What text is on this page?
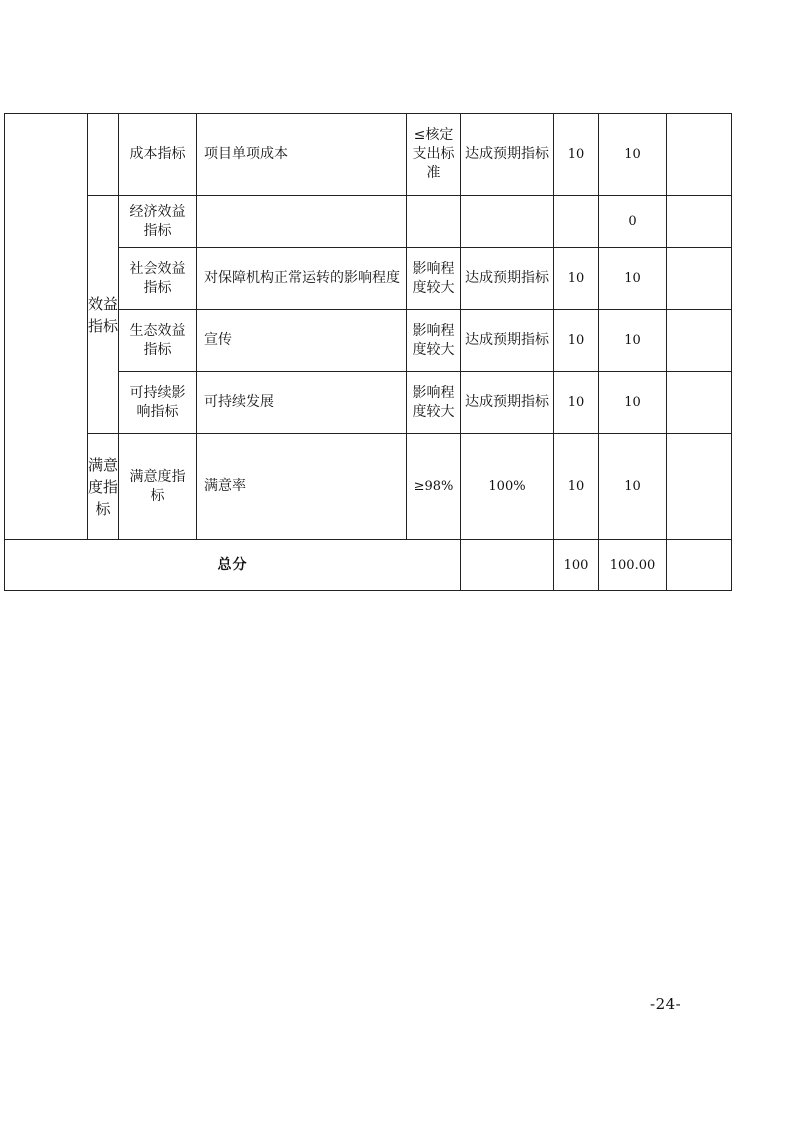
		成本指标	项目单项成本	≤核定支出标准	达成预期指标	10	10	
	效益指标	经济效益指标					0	
		社会效益指标	对保障机构正常运转的影响程度	影响程度较大	达成预期指标	10	10	
		生态效益指标	宣传	影响程度较大	达成预期指标	10	10	
		可持续影响指标	可持续发展	影响程度较大	达成预期指标	10	10	
	满意度指标	满意度指标	满意率	≥98%	100%	10	10	
总分						100	100.00	
-24-
